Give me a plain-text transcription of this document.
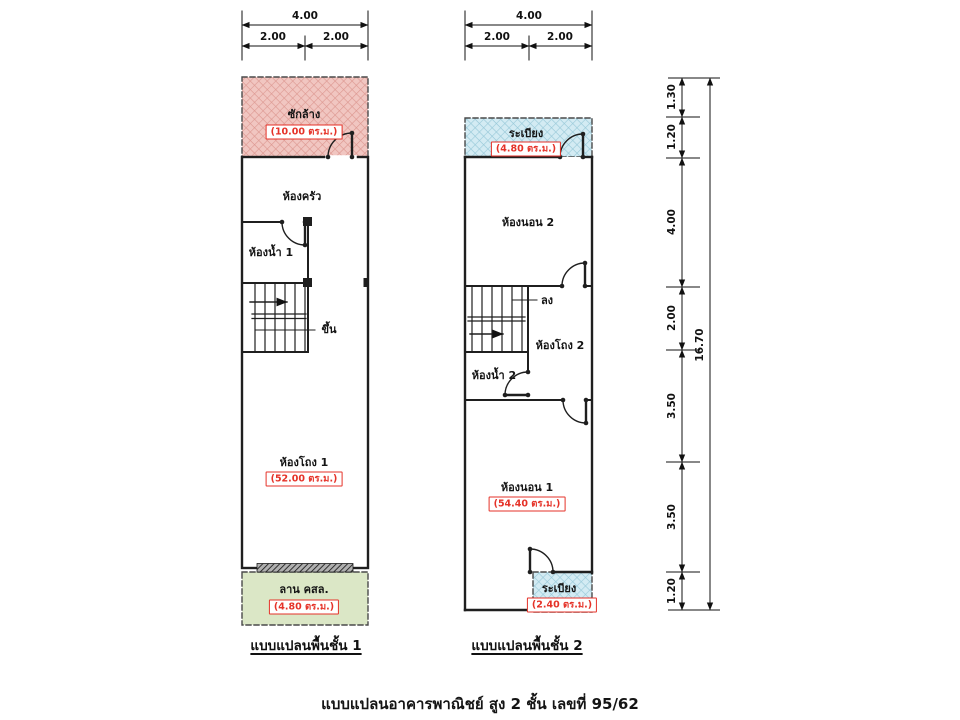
4.00
2.00	2.00
ซักล้าง
(10.00 ตร.ม.)
ห้องครัว
ห้องน้ำ 1
ขึ้น
ห้องโถง 1
(52.00 ตร.ม.)
ลาน คสล.
(4.80 ตร.ม.)
แบบแปลนพื้นชั้น 1
4.00
2.00	2.00
ระเบียง
(4.80 ตร.ม.)
ห้องนอน 2
ลง
ห้องโถง 2
ห้องน้ำ 2
ห้องนอน 1
(54.40 ตร.ม.)
ระเบียง
(2.40 ตร.ม.)
แบบแปลนพื้นชั้น 2
1.30
1.20
4.00
2.00
3.50
3.50
1.20
16.70
แบบแปลนอาคารพาณิชย์ สูง 2 ชั้น เลขที่ 95/62
